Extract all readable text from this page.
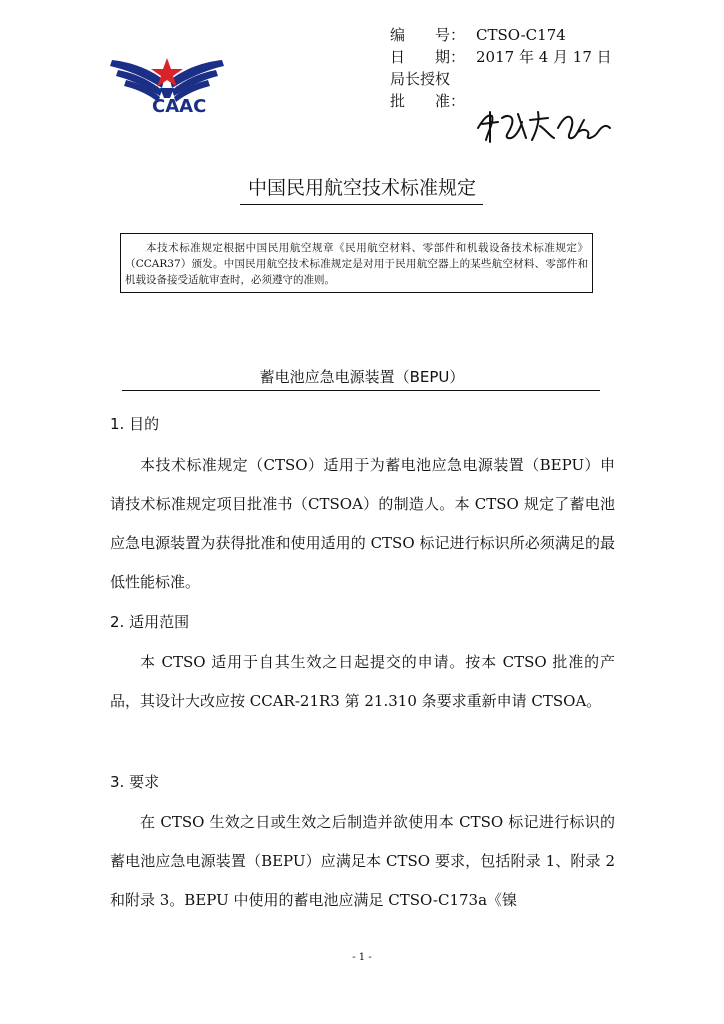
CAAC
编　　号： CTSO-C174
日　　期： 2017 年 4 月 17 日
局长授权
批　　准：
中国民用航空技术标准规定

本技术标准规定根据中国民用航空规章《民用航空材料、零部件和机载设备技术标准规定》（CCAR37）颁发。中国民用航空技术标准规定是对用于民用航空器上的某些航空材料、零部件和机载设备接受适航审查时，必须遵守的准则。

蓄电池应急电源装置（BEPU）
1. 目的

本技术标准规定（CTSO）适用于为蓄电池应急电源装置（BEPU）申请技术标准规定项目批准书（CTSOA）的制造人。本 CTSO 规定了蓄电池应急电源装置为获得批准和使用适用的 CTSO 标记进行标识所必须满足的最低性能标准。

2. 适用范围

本 CTSO 适用于自其生效之日起提交的申请。按本 CTSO 批准的产品，其设计大改应按 CCAR-21R3 第 21.310 条要求重新申请 CTSOA。

3. 要求

在 CTSO 生效之日或生效之后制造并欲使用本 CTSO 标记进行标识的蓄电池应急电源装置（BEPU）应满足本 CTSO 要求，包括附录 1、附录 2 和附录 3。BEPU 中使用的蓄电池应满足 CTSO-C173a《镍

- 1 -
